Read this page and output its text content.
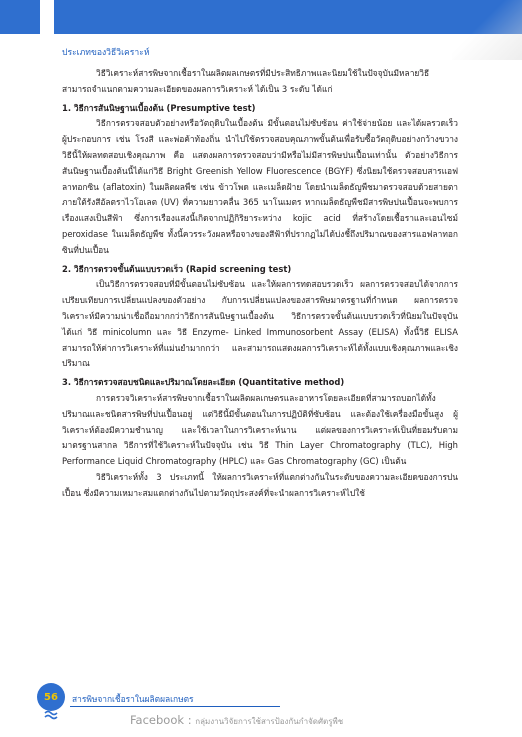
ประเภทของวิธีวิเคราะห์

วิธีวิเคราะห์สารพิษจากเชื้อราในผลิตผลเกษตรที่มีประสิทธิภาพและนิยมใช้ในปัจจุบันมีหลายวิธี สามารถจำแนกตามความละเอียดของผลการวิเคราะห์ ได้เป็น 3 ระดับ ได้แก่

1. วิธีการสันนิษฐานเบื้องต้น (Presumptive test)

วิธีการตรวจสอบตัวอย่างหรือวัตถุดิบในเบื้องต้น มีขั้นตอนไม่ซับซ้อน ค่าใช้จ่ายน้อย และได้ผลรวดเร็ว ผู้ประกอบการ เช่น โรงสี และพ่อค้าท้องถิ่น นำไปใช้ตรวจสอบคุณภาพขั้นต้นเพื่อรับซื้อวัตถุดิบอย่างกว้างขวาง วิธีนี้ให้ผลทดสอบเชิงคุณภาพ คือ แสดงผลการตรวจสอบว่ามีหรือไม่มีสารพิษปนเปื้อนเท่านั้น ตัวอย่างวิธีการสันนิษฐานเบื้องต้นนี้ได้แก่วิธี Bright Greenish Yellow Fluorescence (BGYF) ซึ่งนิยมใช้ตรวจสอบสารแอฟลาทอกซิน (aflatoxin) ในผลิตผลพืช เช่น ข้าวโพด และเมล็ดฝ้าย โดยนำเมล็ดธัญพืชมาตรวจสอบด้วยสายตาภายใต้รังสีอัลตราไวโอเลต (UV) ที่ความยาวคลื่น 365 นาโนเมตร หากเมล็ดธัญพืชมีสารพิษปนเปื้อนจะพบการเรืองแสงเป็นสีฟ้า ซึ่งการเรืองแสงนี้เกิดจากปฏิกิริยาระหว่าง kojic acid ที่สร้างโดยเชื้อราและเอนไซม์ peroxidase ในเมล็ดธัญพืช ทั้งนี้ควรระวังผลหรือจางของสีฟ้าที่ปรากฏไม่ได้บ่งชี้ถึงปริมาณของสารแอฟลาทอกซินที่ปนเปื้อน

2. วิธีการตรวจขั้นต้นแบบรวดเร็ว (Rapid screening test)

เป็นวิธีการตรวจสอบที่มีขั้นตอนไม่ซับซ้อน และให้ผลการทดสอบรวดเร็ว ผลการตรวจสอบได้จากการเปรียบเทียบการเปลี่ยนแปลงของตัวอย่าง กับการเปลี่ยนแปลงของสารพิษมาตรฐานที่กำหนด ผลการตรวจวิเคราะห์มีความน่าเชื่อถือมากกว่าวิธีการสันนิษฐานเบื้องต้น วิธีการตรวจขั้นต้นแบบรวดเร็วที่นิยมในปัจจุบัน ได้แก่ วิธี minicolumn และ วิธี Enzyme- Linked Immunosorbent Assay (ELISA) ทั้งนี้วิธี ELISA สามารถให้ค่าการวิเคราะห์ที่แม่นยำมากกว่า และสามารถแสดงผลการวิเคราะห์ได้ทั้งแบบเชิงคุณภาพและเชิงปริมาณ

3. วิธีการตรวจสอบชนิดและปริมาณโดยละเอียด (Quantitative method)

การตรวจวิเคราะห์สารพิษจากเชื้อราในผลิตผลเกษตรและอาหารโดยละเอียดที่สามารถบอกได้ทั้งปริมาณและชนิดสารพิษที่ปนเปื้อนอยู่ แต่วิธีนี้มีขั้นตอนในการปฏิบัติที่ซับซ้อน และต้องใช้เครื่องมือขั้นสูง ผู้วิเคราะห์ต้องมีความชำนาญ และใช้เวลาในการวิเคราะห์นาน แต่ผลของการวิเคราะห์เป็นที่ยอมรับตามมาตรฐานสากล วิธีการที่ใช้วิเคราะห์ในปัจจุบัน เช่น วิธี Thin Layer Chromatography (TLC), High Performance Liquid Chromatography (HPLC) และ Gas Chromatography (GC) เป็นต้น

วิธีวิเคราะห์ทั้ง 3 ประเภทนี้ ให้ผลการวิเคราะห์ที่แตกต่างกันในระดับของความละเอียดของการปนเปื้อน ซึ่งมีความเหมาะสมแตกต่างกันไปตามวัตถุประสงค์ที่จะนำผลการวิเคราะห์ไปใช้

56 สารพิษจากเชื้อราในผลิตผลเกษตร
Facebook : กลุ่มงานวิจัยการใช้สารป้องกันกำจัดศัตรูพืช
